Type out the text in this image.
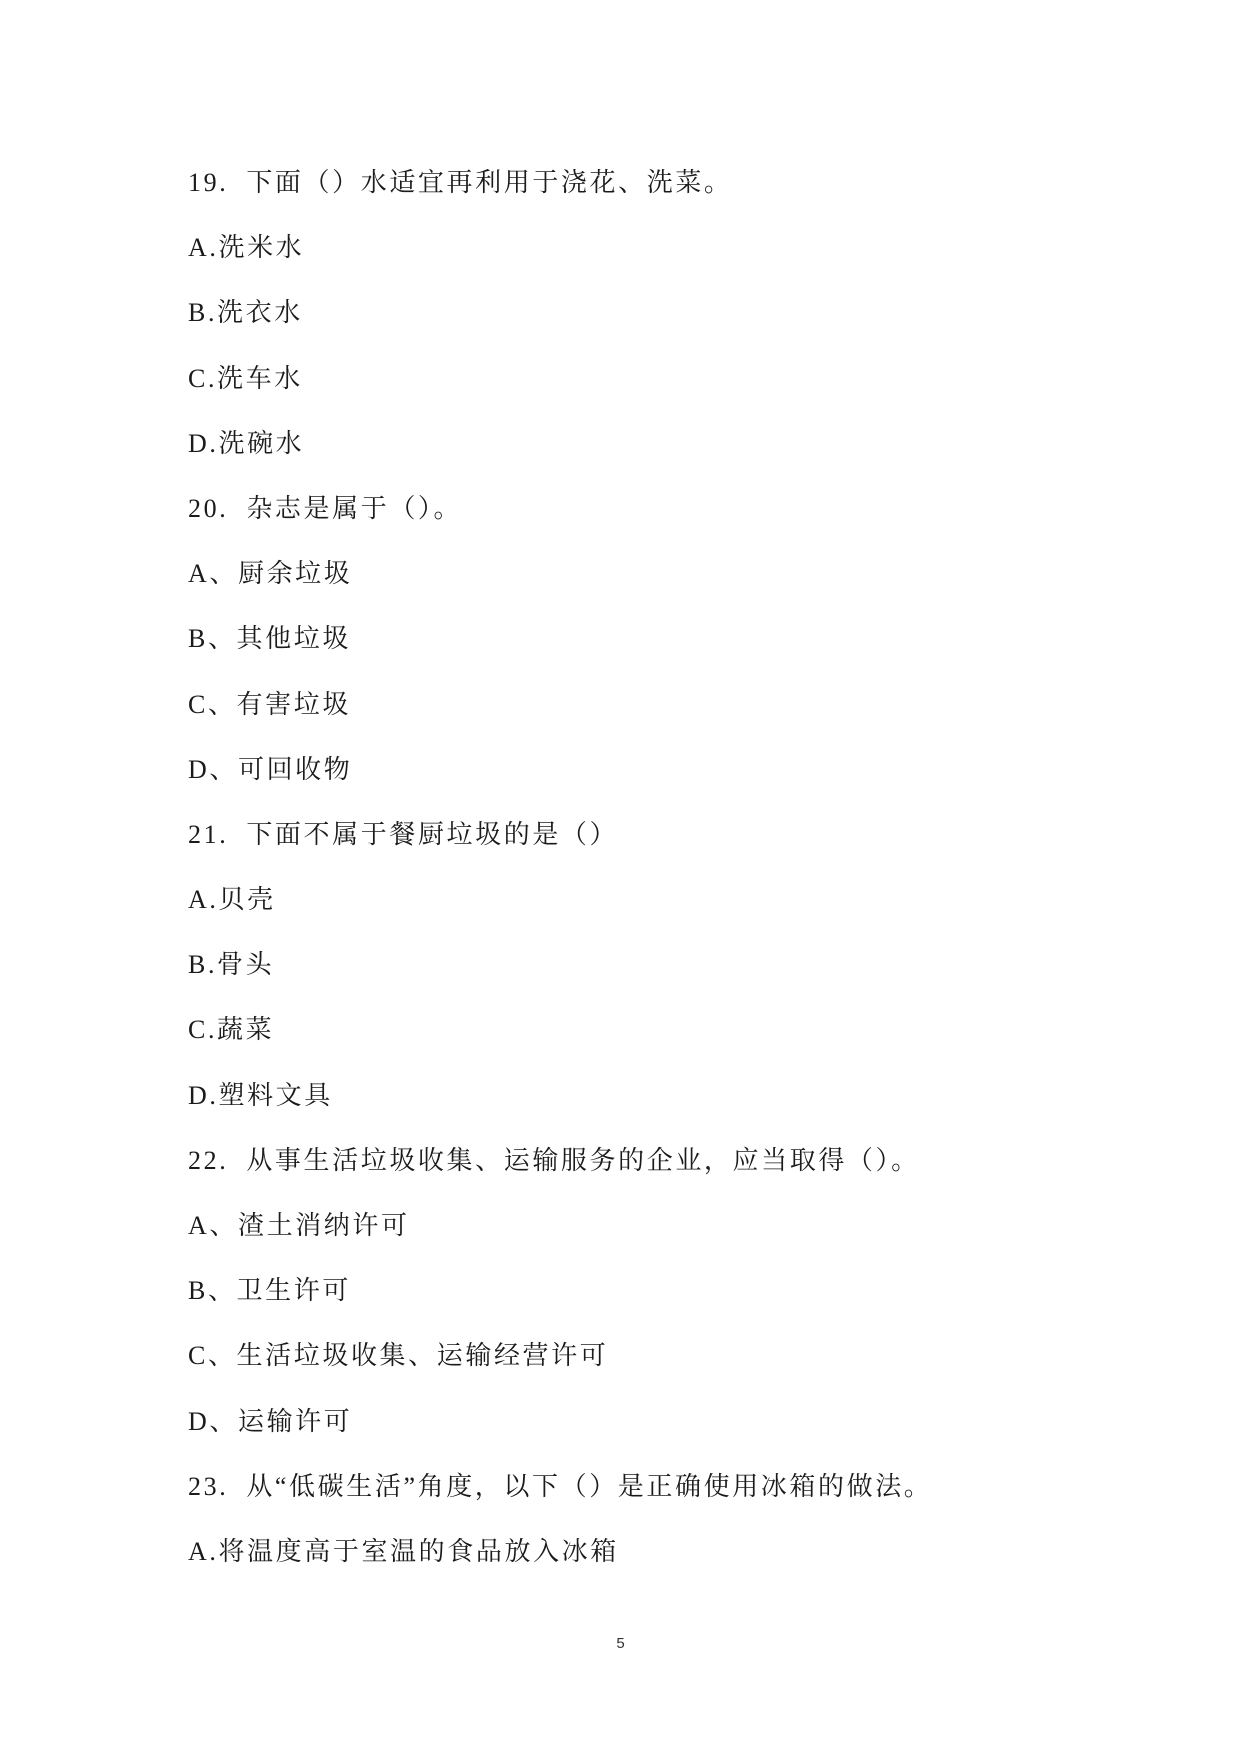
19. 下面（）水适宜再利用于浇花、洗菜。
A.洗米水
B.洗衣水
C.洗车水
D.洗碗水
20. 杂志是属于（）。
A、厨余垃圾
B、其他垃圾
C、有害垃圾
D、可回收物
21. 下面不属于餐厨垃圾的是（）
A.贝壳
B.骨头
C.蔬菜
D.塑料文具
22. 从事生活垃圾收集、运输服务的企业，应当取得（）。
A、渣土消纳许可
B、卫生许可
C、生活垃圾收集、运输经营许可
D、运输许可
23. 从“低碳生活”角度，以下（）是正确使用冰箱的做法。
A.将温度高于室温的食品放入冰箱
5
